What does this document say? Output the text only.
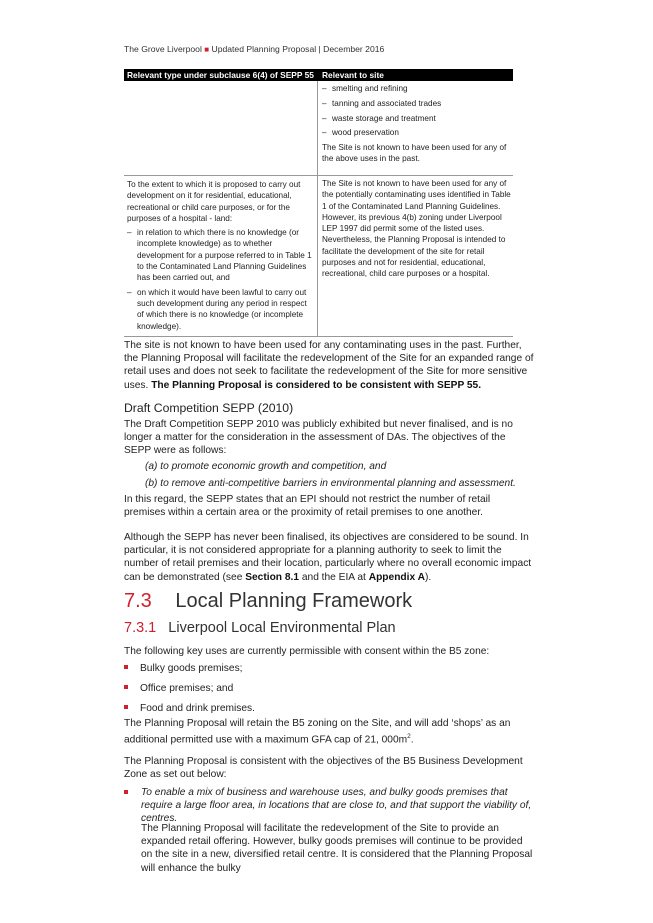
The Grove Liverpool ■ Updated Planning Proposal | December 2016
Relevant type under subclause 6(4) of SEPP 55 Relevant to site
– smelting and refining
– tanning and associated trades
– waste storage and treatment
– wood preservation
The Site is not known to have been used for any of the above uses in the past.
To the extent to which it is proposed to carry out development on it for residential, educational, recreational or child care purposes, or for the purposes of a hospital - land:
– in relation to which there is no knowledge (or incomplete knowledge) as to whether development for a purpose referred to in Table 1 to the Contaminated Land Planning Guidelines has been carried out, and
– on which it would have been lawful to carry out such development during any period in respect of which there is no knowledge (or incomplete knowledge).
The Site is not known to have been used for any of the potentially contaminating uses identified in Table 1 of the Contaminated Land Planning Guidelines. However, its previous 4(b) zoning under Liverpool LEP 1997 did permit some of the listed uses. Nevertheless, the Planning Proposal is intended to facilitate the development of the site for retail purposes and not for residential, educational, recreational, child care purposes or a hospital.
The site is not known to have been used for any contaminating uses in the past. Further, the Planning Proposal will facilitate the redevelopment of the Site for an expanded range of retail uses and does not seek to facilitate the redevelopment of the Site for more sensitive uses. The Planning Proposal is considered to be consistent with SEPP 55.
Draft Competition SEPP (2010)
The Draft Competition SEPP 2010 was publicly exhibited but never finalised, and is no longer a matter for the consideration in the assessment of DAs. The objectives of the SEPP were as follows:
(a) to promote economic growth and competition, and
(b) to remove anti-competitive barriers in environmental planning and assessment.
In this regard, the SEPP states that an EPI should not restrict the number of retail premises within a certain area or the proximity of retail premises to one another.
Although the SEPP has never been finalised, its objectives are considered to be sound. In particular, it is not considered appropriate for a planning authority to seek to limit the number of retail premises and their location, particularly where no overall economic impact can be demonstrated (see Section 8.1 and the EIA at Appendix A).
7.3 Local Planning Framework
7.3.1 Liverpool Local Environmental Plan
The following key uses are currently permissible with consent within the B5 zone:
Bulky goods premises;
Office premises; and
Food and drink premises.
The Planning Proposal will retain the B5 zoning on the Site, and will add ‘shops’ as an additional permitted use with a maximum GFA cap of 21, $000m^2$.
The Planning Proposal is consistent with the objectives of the B5 Business Development Zone as set out below:
To enable a mix of business and warehouse uses, and bulky goods premises that require a large floor area, in locations that are close to, and that support the viability of, centres.
The Planning Proposal will facilitate the redevelopment of the Site to provide an expanded retail offering. However, bulky goods premises will continue to be provided on the site in a new, diversified retail centre. It is considered that the Planning Proposal will enhance the bulky
